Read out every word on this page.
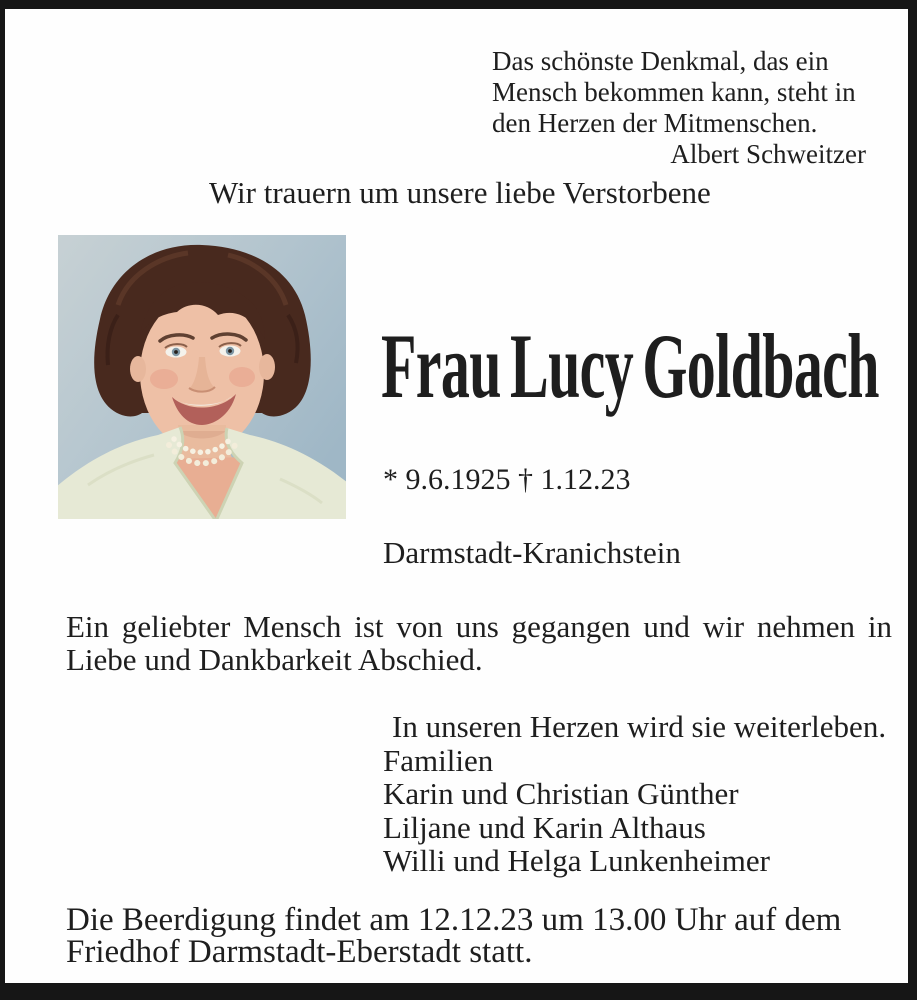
Das schönste Denkmal, das ein
Mensch bekommen kann, steht in
den Herzen der Mitmenschen.
Albert Schweitzer
Wir trauern um unsere liebe Verstorbene
Frau Lucy Goldbach
* 9.6.1925 † 1.12.23
Darmstadt-Kranichstein
Ein geliebter Mensch ist von uns gegangen und wir nehmen in Liebe und Dankbarkeit Abschied.
In unseren Herzen wird sie weiterleben.
Familien
Karin und Christian Günther
Liljane und Karin Althaus
Willi und Helga Lunkenheimer
Die Beerdigung findet am 12.12.23 um 13.00 Uhr auf dem Friedhof Darmstadt-Eberstadt statt.
